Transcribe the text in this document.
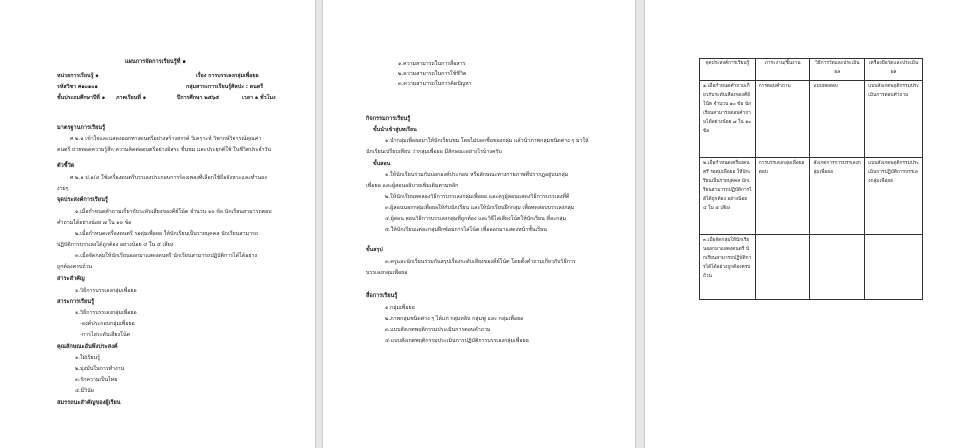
แผนการจัดการเรียนรู้ที่ ๑
หน่วยการเรียนรู้ ๑	เรื่อง การบรรเลงกลุ่มเพื่อยอ
รหัสวิชา ศ๑๐๑๐๑	กลุ่มสาระการเรียนรู้ศิลปะ : ดนตรี
ชั้นประถมศึกษาปีที่ ๑ ภาคเรียนที่ ๑	ปีการศึกษา ๒๕๖๕	เวลา ๑ ชั่วโมง
มาตรฐานการเรียนรู้
ศ ๒.๑ เข้าใจและแสดงออกทางดนตรีอย่างสร้างสรรค์ วิเคราะห์ วิพากษ์วิจารณ์คุณค่า
ดนตรี ถ่ายทอดความรู้สึก ความคิดต่อดนตรีอย่างอิสระ ชื่นชม และประยุกต์ใช้ ในชีวิตประจำวัน
ตัวชี้วัด
ศ ๒.๑ ป.๑/๔ ใช้เครื่องดนตรีบรรเลงประกอบการร้องเพลงที่เลือกใช้ถือจังหวะและทำนอง
ง่ายๆ
จุดประสงค์การเรียนรู้
๑.เมื่อกำหนดคำถามเกี่ยวกับระดับเสียงของคีย์โน้ต จำนวน ๑๐ ข้อ นักเรียนสามารถตอบ
คำถามได้อย่างน้อย ๗ ใน ๑๐ ข้อ
๒.เมื่อกำหนดเครื่องดนตรี รอดุ่มเพื่อยอ ให้นักเรียนเป็นรายบุคคล นักเรียนสามารถ
ปฏิบัติการบรรเลงได้ถูกต้อง อย่างน้อย ๔ ใน ๕ เสียง
๓.เมื่อจัดกลุ่มให้นักเรียนออกมาแสดงดนตรี นักเรียนสามารถปฏิบัติการได้ได้อย่าง
ถูกต้องครบถ้วน
สาระสำคัญ
๑.วิธีการบรรเลงกลุ่มเพื่อยอ
สาระการเรียนรู้
๑.วิธีการบรรเลงกลุ่มเพื่อยอ
-องค์ประกอบกลุ่มเพื่อยอ
-การไล่ระดับเสียงโน้ต
คุณลักษณะอันพึงประสงค์
๑.ใฝ่เรียนรู้
๒.มุ่งมั่นในการทำงาน
๓.รักความเป็นไทย
๔.มีวินัย
สมรรถนะสำคัญของผู้เรียน
๑.ความสามารถในการสื่อสาร
๒.ความสามารถในการใช้ชีวิต
๓.ความสามารถในการคิดปัญหา
กิจกรรมการเรียนรู้
ขั้นนำเข้าสู่บทเรียน
๑.นำกลุ่มเพื่อยอมาให้นักเรียนชม โดยไม่บอกชื่อของกลุ่ม แล้วนำภาพกลุ่มชนิดต่าง ๆ มาให้
นักเรียนเปรียบเทียบ ว่ากลุ่มเพื่อยอ มีลักษณะอย่างไรบ้างครับ
ขั้นสอน
๑.ให้นักเรียนร่วมกันบอกองค์ประกอบ หรือลักษณะทางกายภาพที่ปรากฏอยู่บนกลุ่ม
เพื่อยอ และผู้สอนอธิบายเพิ่มเติมตามหลัก
๒.ให้นักเรียนทดลองวิธีการบรรเลงกลุ่มเพื่อยอ และครูผู้สอนแสดงวิธีการบรรเลงที่ดี
๓.ผู้สอนนอกกลุ่มเพื่อยอให้กับนักเรียน และให้นักเรียนฝึกกลุ่ม เพื่อทดสอบบรรเลงกลุ่ม
๔.ผู้สอน สอนวิธีการบรรเลงกลุ่มที่ถูกต้อง และวิธีไล่เสียงโน้ตให้นักเรียน ที่ละกลุ่ม
๕.ให้นักเรียนแต่ละกลุ่มฝึกซ้อมการไล่โน้ต เพื่อออกมาแสดงหน้าชั้นเรียน
ขั้นสรุป
๓.ครูและนักเรียนร่วมกันสรุปเรื่องระดับเสียงของคีย์โน้ต โดยตั้งคำถามเกี่ยวกับวิธีการ
บรรเลงกลุ่มเพื่อยอ
สื่อการเรียนรู้
๑.กลุ่มเพื่อยอ
๒.ภาพกลุ่มชนิดต่าง ๆ ได้แก่ กลุ่มหลิบ กลุ่มฟู และ กลุ่มเพื่อยอ
๓.แบบสังเกตพฤติกรรมประเมินการตอบคำถาม
๔.แบบสังเกตพฤติกรรมประเมินการปฏิบัติการบรรเลงกลุ่มเพื่อยอ
จุดประสงค์การเรียนรู้	ภาระงาน/ชิ้นงาน	วิธีการวัดและประเมินผล	เครื่องมือวัดและประเมินผล
๑.เมื่อกำหนดคำถามเกี่ยวกับระดับเสียงของคีย์โน้ต จำนวน ๑๐ ข้อ นักเรียนสามารถตอบคำถามได้อย่างน้อย ๗ ใน ๑๐ ข้อ	การตอบคำถาม	แบบทดสอบ	แบบสังเกตพฤติกรรมประเมินการตอบคำถาม
๒.เมื่อกำหนดเครื่องดนตรี รอดุ่มเพื่อยอ ให้นักเรียนเป็นรายบุคคล นักเรียนสามารถปฏิบัติการได้ได้ถูกต้อง อย่างน้อย ๔ ใน ๕ เสียง	การบรรเลงกลุ่มเพื่อยอตอบ	สังเกตการการบรรเลงกลุ่มเพื่อยอ	แบบสังเกตพฤติกรรมประเมินการปฏิบัติการบรรเลงกลุ่มเพื่อยอ
๓.เมื่อจัดกลุ่มให้นักเรียนออกมาแสดงดนตรี นักเรียนสามารถปฏิบัติการได้ได้อย่างถูกต้องครบถ้วน			
